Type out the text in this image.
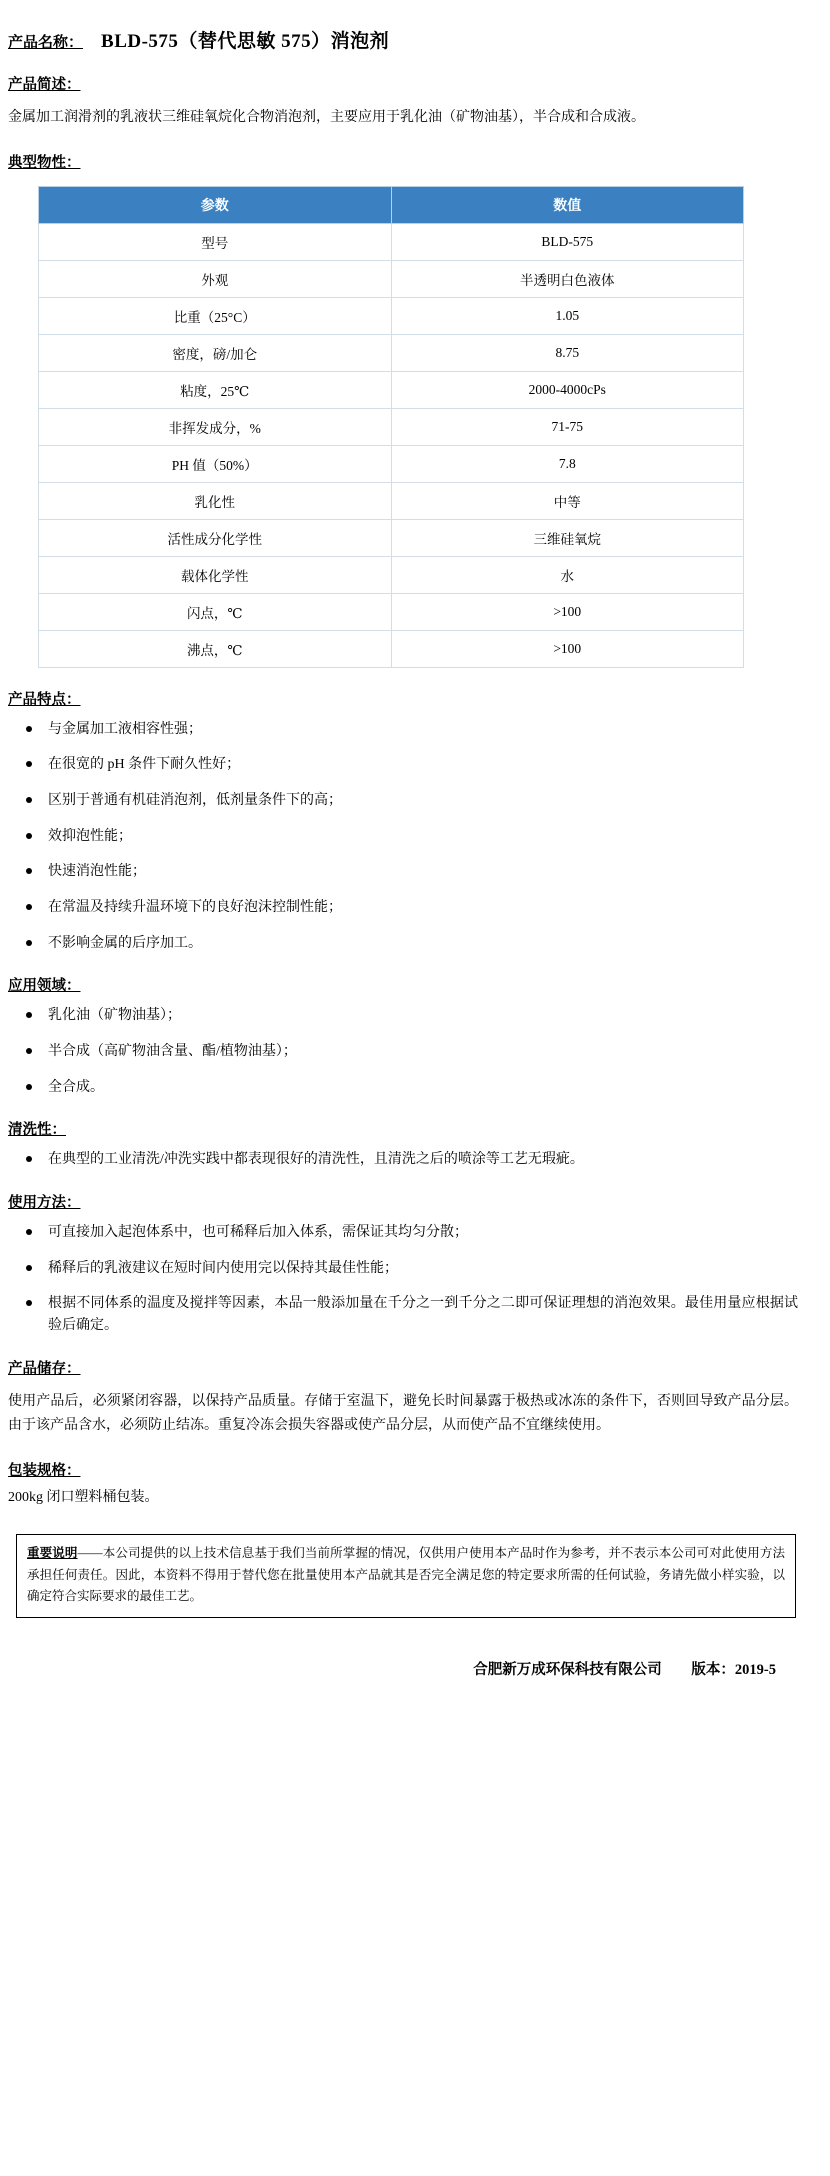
产品名称： BLD-575（替代思敏 575）消泡剂
产品简述：
金属加工润滑剂的乳液状三维硅氧烷化合物消泡剂，主要应用于乳化油（矿物油基），半合成和合成液。
典型物性：
参数	数值
型号	BLD-575
外观	半透明白色液体
比重（25°C）	1.05
密度，磅/加仑	8.75
粘度，25℃	2000-4000cPs
非挥发成分，%	71-75
PH 值（50%）	7.8
乳化性	中等
活性成分化学性	三维硅氧烷
载体化学性	水
闪点，℃	>100
沸点，℃	>100
产品特点：
与金属加工液相容性强；
在很宽的 pH 条件下耐久性好；
区别于普通有机硅消泡剂，低剂量条件下的高；
效抑泡性能；
快速消泡性能；
在常温及持续升温环境下的良好泡沫控制性能；
不影响金属的后序加工。
应用领域：
乳化油（矿物油基）；
半合成（高矿物油含量、酯/植物油基）；
全合成。
清洗性：
在典型的工业清洗/冲洗实践中都表现很好的清洗性，且清洗之后的喷涂等工艺无瑕疵。
使用方法：
可直接加入起泡体系中，也可稀释后加入体系，需保证其均匀分散；
稀释后的乳液建议在短时间内使用完以保持其最佳性能；
根据不同体系的温度及搅拌等因素，本品一般添加量在千分之一到千分之二即可保证理想的消泡效果。最佳用量应根据试验后确定。
产品储存：
使用产品后，必须紧闭容器，以保持产品质量。存储于室温下，避免长时间暴露于极热或冰冻的条件下，否则回导致产品分层。由于该产品含水，必须防止结冻。重复冷冻会损失容器或使产品分层，从而使产品不宜继续使用。
包装规格：
200kg 闭口塑料桶包装。
重要说明——本公司提供的以上技术信息基于我们当前所掌握的情况，仅供用户使用本产品时作为参考，并不表示本公司可对此使用方法承担任何责任。因此，本资料不得用于替代您在批量使用本产品就其是否完全满足您的特定要求所需的任何试验，务请先做小样实验，以确定符合实际要求的最佳工艺。
合肥新万成环保科技有限公司 版本：2019-5
